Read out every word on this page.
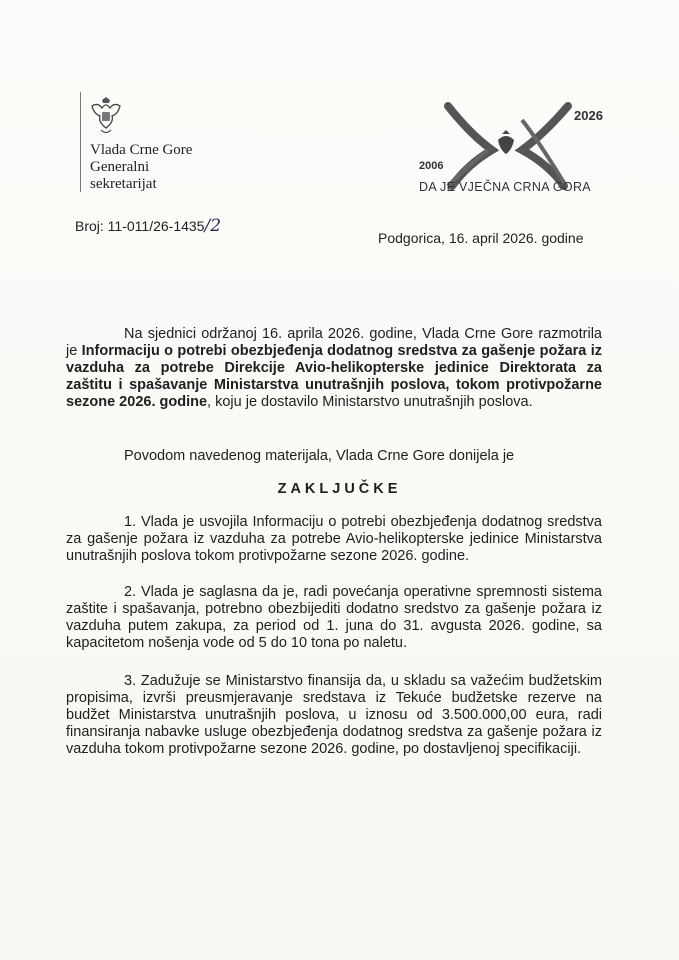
Vlada Crne Gore
Generalni
sekretarijat
2026
2006
DA JE VJEČNA CRNA GORA
Broj: 11-011/26-1435/2
Podgorica, 16. april 2026. godine
Na sjednici održanoj 16. aprila 2026. godine, Vlada Crne Gore razmotrila je Informaciju o potrebi obezbjeđenja dodatnog sredstva za gašenje požara iz vazduha za potrebe Direkcije Avio-helikopterske jedinice Direktorata za zaštitu i spašavanje Ministarstva unutrašnjih poslova, tokom protivpožarne sezone 2026. godine, koju je dostavilo Ministarstvo unutrašnjih poslova.
Povodom navedenog materijala, Vlada Crne Gore donijela je
ZAKLJUČKE
1. Vlada je usvojila Informaciju o potrebi obezbjeđenja dodatnog sredstva za gašenje požara iz vazduha za potrebe Avio-helikopterske jedinice Ministarstva unutrašnjih poslova tokom protivpožarne sezone 2026. godine.
2. Vlada je saglasna da je, radi povećanja operativne spremnosti sistema zaštite i spašavanja, potrebno obezbijediti dodatno sredstvo za gašenje požara iz vazduha putem zakupa, za period od 1. juna do 31. avgusta 2026. godine, sa kapacitetom nošenja vode od 5 do 10 tona po naletu.
3. Zadužuje se Ministarstvo finansija da, u skladu sa važećim budžetskim propisima, izvrši preusmjeravanje sredstava iz Tekuće budžetske rezerve na budžet Ministarstva unutrašnjih poslova, u iznosu od 3.500.000,00 eura, radi finansiranja nabavke usluge obezbjeđenja dodatnog sredstva za gašenje požara iz vazduha tokom protivpožarne sezone 2026. godine, po dostavljenoj specifikaciji.
